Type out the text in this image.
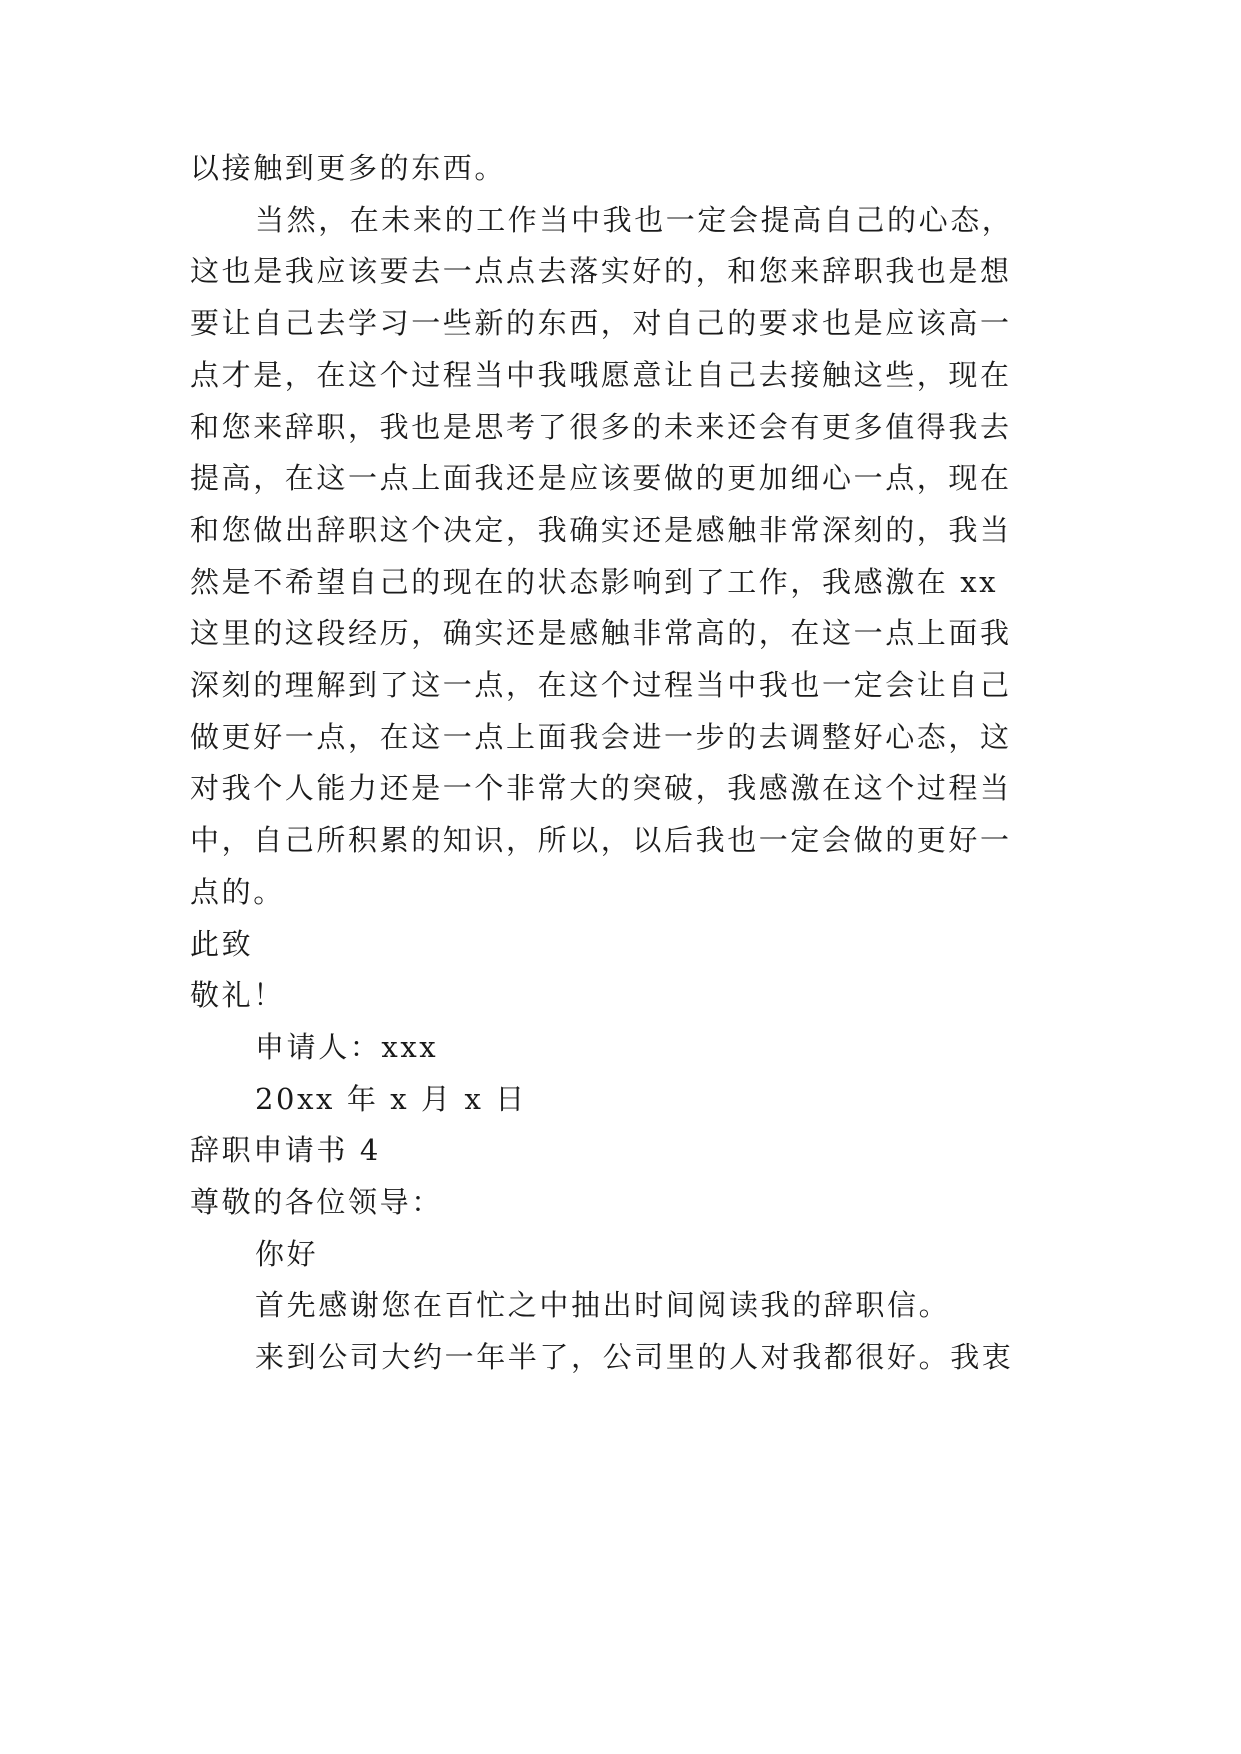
以接触到更多的东西。
当然，在未来的工作当中我也一定会提高自己的心态，
这也是我应该要去一点点去落实好的，和您来辞职我也是想
要让自己去学习一些新的东西，对自己的要求也是应该高一
点才是，在这个过程当中我哦愿意让自己去接触这些，现在
和您来辞职，我也是思考了很多的未来还会有更多值得我去
提高，在这一点上面我还是应该要做的更加细心一点，现在
和您做出辞职这个决定，我确实还是感触非常深刻的，我当
然是不希望自己的现在的状态影响到了工作，我感激在 xx
这里的这段经历，确实还是感触非常高的，在这一点上面我
深刻的理解到了这一点，在这个过程当中我也一定会让自己
做更好一点，在这一点上面我会进一步的去调整好心态，这
对我个人能力还是一个非常大的突破，我感激在这个过程当
中，自己所积累的知识，所以，以后我也一定会做的更好一
点的。
此致
敬礼！
申请人：xxx
20xx 年 x 月 x 日
辞职申请书 4
尊敬的各位领导：
你好
首先感谢您在百忙之中抽出时间阅读我的辞职信。
来到公司大约一年半了，公司里的人对我都很好。我衷
